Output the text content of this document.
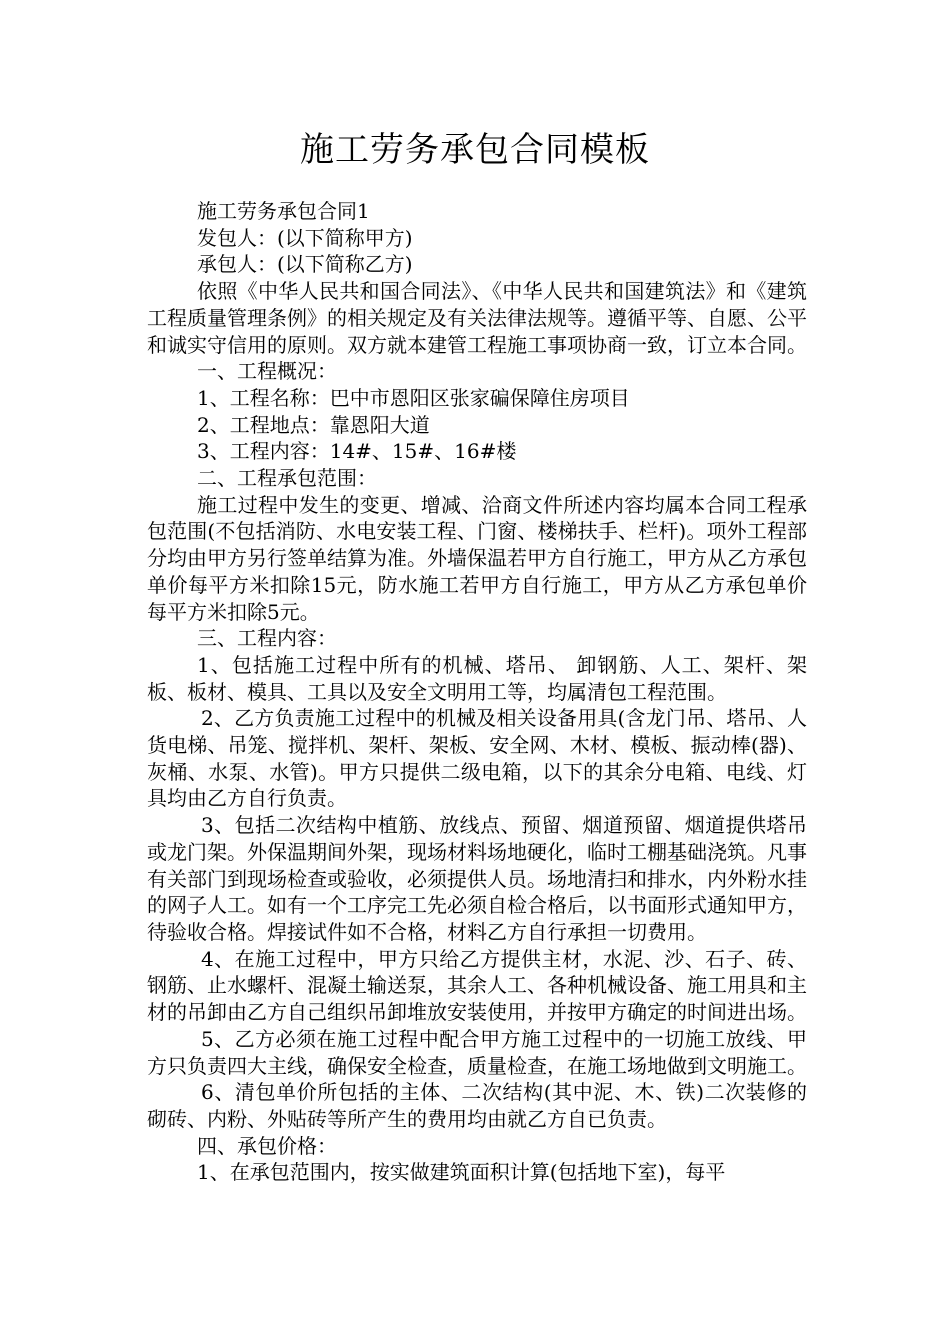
施工劳务承包合同模板

施工劳务承包合同1

发包人：(以下简称甲方)

承包人：(以下简称乙方)

依照《中华人民共和国合同法》、《中华人民共和国建筑法》和《建筑工程质量管理条例》的相关规定及有关法律法规等。遵循平等、自愿、公平和诚实守信用的原则。双方就本建管工程施工事项协商一致，订立本合同。

一、工程概况：

1、工程名称：巴中市恩阳区张家碥保障住房项目

2、工程地点：靠恩阳大道

3、工程内容：14#、15#、16#楼

二、工程承包范围：

施工过程中发生的变更、增减、洽商文件所述内容均属本合同工程承包范围(不包括消防、水电安装工程、门窗、楼梯扶手、栏杆)。项外工程部分均由甲方另行签单结算为准。外墙保温若甲方自行施工，甲方从乙方承包单价每平方米扣除15元，防水施工若甲方自行施工，甲方从乙方承包单价每平方米扣除5元。

三、工程内容：

1、包括施工过程中所有的机械、塔吊、 卸钢筋、人工、架杆、架板、板材、模具、工具以及安全文明用工等，均属清包工程范围。

2、乙方负责施工过程中的机械及相关设备用具(含龙门吊、塔吊、人货电梯、吊笼、搅拌机、架杆、架板、安全网、木材、模板、振动棒(器)、灰桶、水泵、水管)。甲方只提供二级电箱，以下的其余分电箱、电线、灯具均由乙方自行负责。

3、包括二次结构中植筋、放线点、预留、烟道预留、烟道提供塔吊或龙门架。外保温期间外架，现场材料场地硬化，临时工棚基础浇筑。凡事有关部门到现场检查或验收，必须提供人员。场地清扫和排水，内外粉水挂的网子人工。如有一个工序完工先必须自检合格后，以书面形式通知甲方，待验收合格。焊接试件如不合格，材料乙方自行承担一切费用。

4、在施工过程中，甲方只给乙方提供主材，水泥、沙、石子、砖、钢筋、止水螺杆、混凝土输送泵，其余人工、各种机械设备、施工用具和主材的吊卸由乙方自己组织吊卸堆放安装使用，并按甲方确定的时间进出场。

5、乙方必须在施工过程中配合甲方施工过程中的一切施工放线、甲方只负责四大主线，确保安全检查，质量检查，在施工场地做到文明施工。

6、清包单价所包括的主体、二次结构(其中泥、木、铁)二次装修的砌砖、内粉、外贴砖等所产生的费用均由就乙方自已负责。

四、承包价格：

1、在承包范围内，按实做建筑面积计算(包括地下室)，每平
